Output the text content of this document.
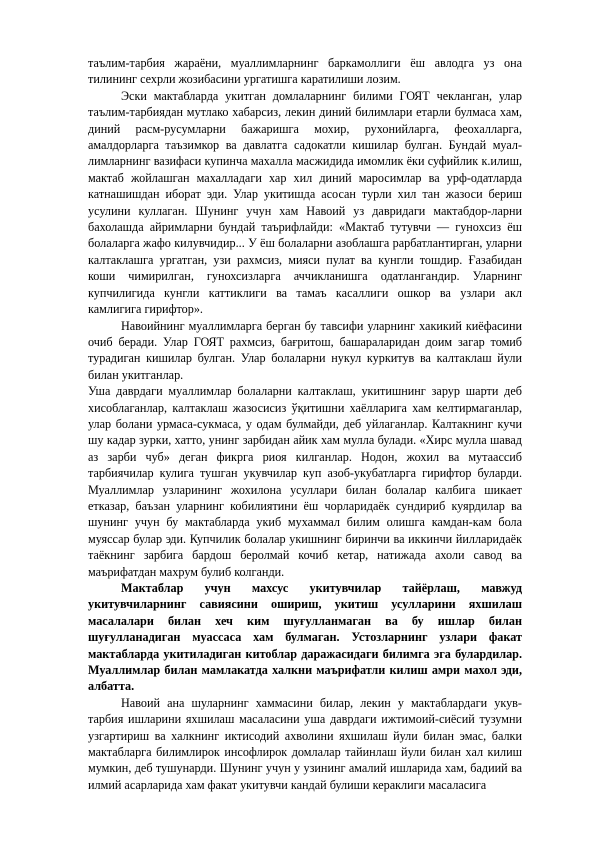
таълим-тарбия жараёни, муаллимларнинг баркамоллиги ёш авлодга уз она тилининг сехрли жозибасини ургатишга каратилиши лозим.

Эски мактабларда укитган домлаларнинг билими ГОЯТ чекланган, улар таълим-тарбиядан мутлако хабарсиз, лекин диний билимлари етарли булмаса хам, диний расм-русумларни бажаришга мохир, рухонийларга, феохалларга, амалдорларга таъзимкор ва давлатга садокатли кишилар булган. Бундай муал-лимларнинг вазифаси купинча махалла масжидида имомлик ёки суфийлик к.илиш, мактаб жойлашган махалладаги хар хил диний маросимлар ва урф-одатларда катнашишдан иборат эди. Улар укитишда асосан турли хил тан жазоси бериш усулини куллаган. Шунинг учун хам Навоий уз давридаги мактабдор-ларни бахолашда айримларни бундай таърифлайди: «Мактаб тутувчи — гунохсиз ёш болаларга жафо килувчидир... У ёш болаларни азоблашга рарбатлантирган, уларни калтаклашга ургатган, узи рахмсиз, мияси пулат ва кунгли тошдир. Ғазабидан коши чимирилган, гунохсизларга аччикланишга одатлангандир. Уларнинг купчилигида кунгли каттиклиги ва тамаъ касаллиги ошкор ва узлари акл камлигига гирифтор».

Навоийнинг муаллимларга берган бу тавсифи уларнинг хакикий киёфасини очиб беради. Улар ГОЯТ рахмсиз, бағритош, башараларидан доим загар томиб турадиган кишилар булган. Улар болаларни нукул куркитув ва калтаклаш йули билан укитганлар.

Уша даврдаги муаллимлар болаларни калтаклаш, укитишнинг зарур шарти деб хисоблаганлар, калтаклаш жазосисиз ўқитишни хаёлларига хам келтирмаганлар, улар болани урмаса-сукмаса, у одам булмайди, деб уйлаганлар. Калтакнинг кучи шу кадар зурки, хатто, унинг зарбидан айик хам мулла булади. «Хирс мулла шавад аз зарби чуб» деган фикрга риоя килганлар. Нодон, жохил ва мутаассиб тарбиячилар кулига тушган укувчилар куп азоб-укубатларга гирифтор буларди. Муаллимлар узларининг жохилона усуллари билан болалар калбига шикает етказар, баъзан уларнинг кобилиятини ёш чорларидаёк сундириб куярдилар ва шунинг учун бу мактабларда укиб мухаммал билим олишга камдан-кам бола муяссар булар эди. Купчилик болалар укишнинг биринчи ва иккинчи йилларидаёк таёкнинг зарбига бардош беролмай кочиб кетар, натижада ахоли савод ва маърифатдан махрум булиб колганди.

Мактаблар учун махсус укитувчилар тайёрлаш, мавжуд укитувчиларнинг савиясини ошириш, укитиш усулларини яхшилаш масалалари билан хеч ким шуғулланмаган ва бу ишлар билан шуғулланадиган муассаса хам булмаган. Устозларнинг узлари факат мактабларда укитиладиган китоблар даражасидаги билимга эга булардилар. Муаллимлар билан мамлакатда халкни маърифатли килиш амри махол эди, албатта.

Навоий ана шуларнинг хаммасини билар, лекин у мактаблардаги укув-тарбия ишларини яхшилаш масаласини уша даврдаги ижтимоий-сиёсий тузумни узгартириш ва халкнинг иктисодий ахволини яхшилаш йули билан эмас, балки мактабларга билимлирок инсофлирок домлалар тайинлаш йули билан хал килиш мумкин, деб тушунарди. Шунинг учун у узининг амалий ишларида хам, бадиий ва илмий асарларида хам факат укитувчи кандай булиши кераклиги масаласига
